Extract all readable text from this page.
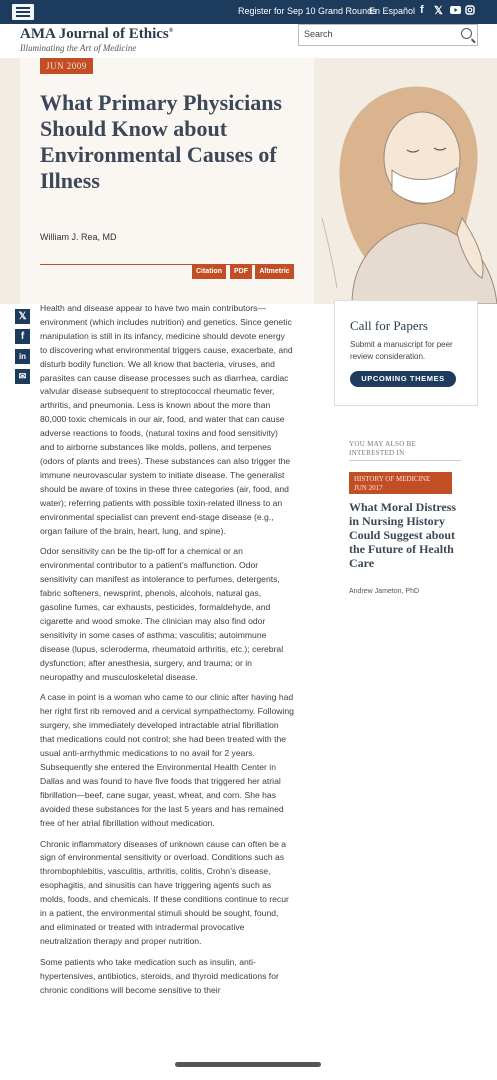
Register for Sep 10 Grand Rounds
En Español f 𝕏
AMA Journal of Ethics®
Illuminating the Art of Medicine
Search
JUN 2009
What Primary Physicians Should Know about Environmental Causes of Illness
William J. Rea, MD
Citation	PDF	Altmetric
𝕏
f
in
✉

Health and disease appear to have two main contributors—environment (which includes nutrition) and genetics. Since genetic manipulation is still in its infancy, medicine should devote energy to discovering what environmental triggers cause, exacerbate, and disturb bodily function. We all know that bacteria, viruses, and parasites can cause disease processes such as diarrhea, cardiac valvular disease subsequent to streptococcal rheumatic fever, arthritis, and pneumonia. Less is known about the more than 80,000 toxic chemicals in our air, food, and water that can cause adverse reactions to foods, (natural toxins and food sensitivity) and to airborne substances like molds, pollens, and terpenes (odors of plants and trees). These substances can also trigger the immune neurovascular system to initiate disease. The generalist should be aware of toxins in these three categories (air, food, and water); referring patients with possible toxin-related illness to an environmental specialist can prevent end-stage disease (e.g., organ failure of the brain, heart, lung, and spine).

Odor sensitivity can be the tip-off for a chemical or an environmental contributor to a patient’s malfunction. Odor sensitivity can manifest as intolerance to perfumes, detergents, fabric softeners, newsprint, phenols, alcohols, natural gas, gasoline fumes, car exhausts, pesticides, formaldehyde, and cigarette and wood smoke. The clinician may also find odor sensitivity in some cases of asthma; vasculitis; autoimmune disease (lupus, scleroderma, rheumatoid arthritis, etc.); cerebral dysfunction; after anesthesia, surgery, and trauma; or in neuropathy and musculoskeletal disease.

A case in point is a woman who came to our clinic after having had her right first rib removed and a cervical sympathectomy. Following surgery, she immediately developed intractable atrial fibrillation that medications could not control; she had been treated with the usual anti-arrhythmic medications to no avail for 2 years. Subsequently she entered the Environmental Health Center in Dallas and was found to have five foods that triggered her atrial fibrillation—beef, cane sugar, yeast, wheat, and corn. She has avoided these substances for the last 5 years and has remained free of her atrial fibrillation without medication.

Chronic inflammatory diseases of unknown cause can often be a sign of environmental sensitivity or overload. Conditions such as thrombophlebitis, vasculitis, arthritis, colitis, Crohn’s disease, esophagitis, and sinusitis can have triggering agents such as molds, foods, and chemicals. If these conditions continue to recur in a patient, the environmental stimuli should be sought, found, and eliminated or treated with intradermal provocative neutralization therapy and proper nutrition.

Some patients who take medication such as insulin, anti-hypertensives, antibiotics, steroids, and thyroid medications for chronic conditions will become sensitive to their

Call for Papers

Submit a manuscript for peer review consideration.

UPCOMING THEMES
YOU MAY ALSO BE INTERESTED IN
HISTORY OF MEDICINE
JUN 2017
What Moral Distress in Nursing History Could Suggest about the Future of Health Care
Andrew Jameton, PhD
